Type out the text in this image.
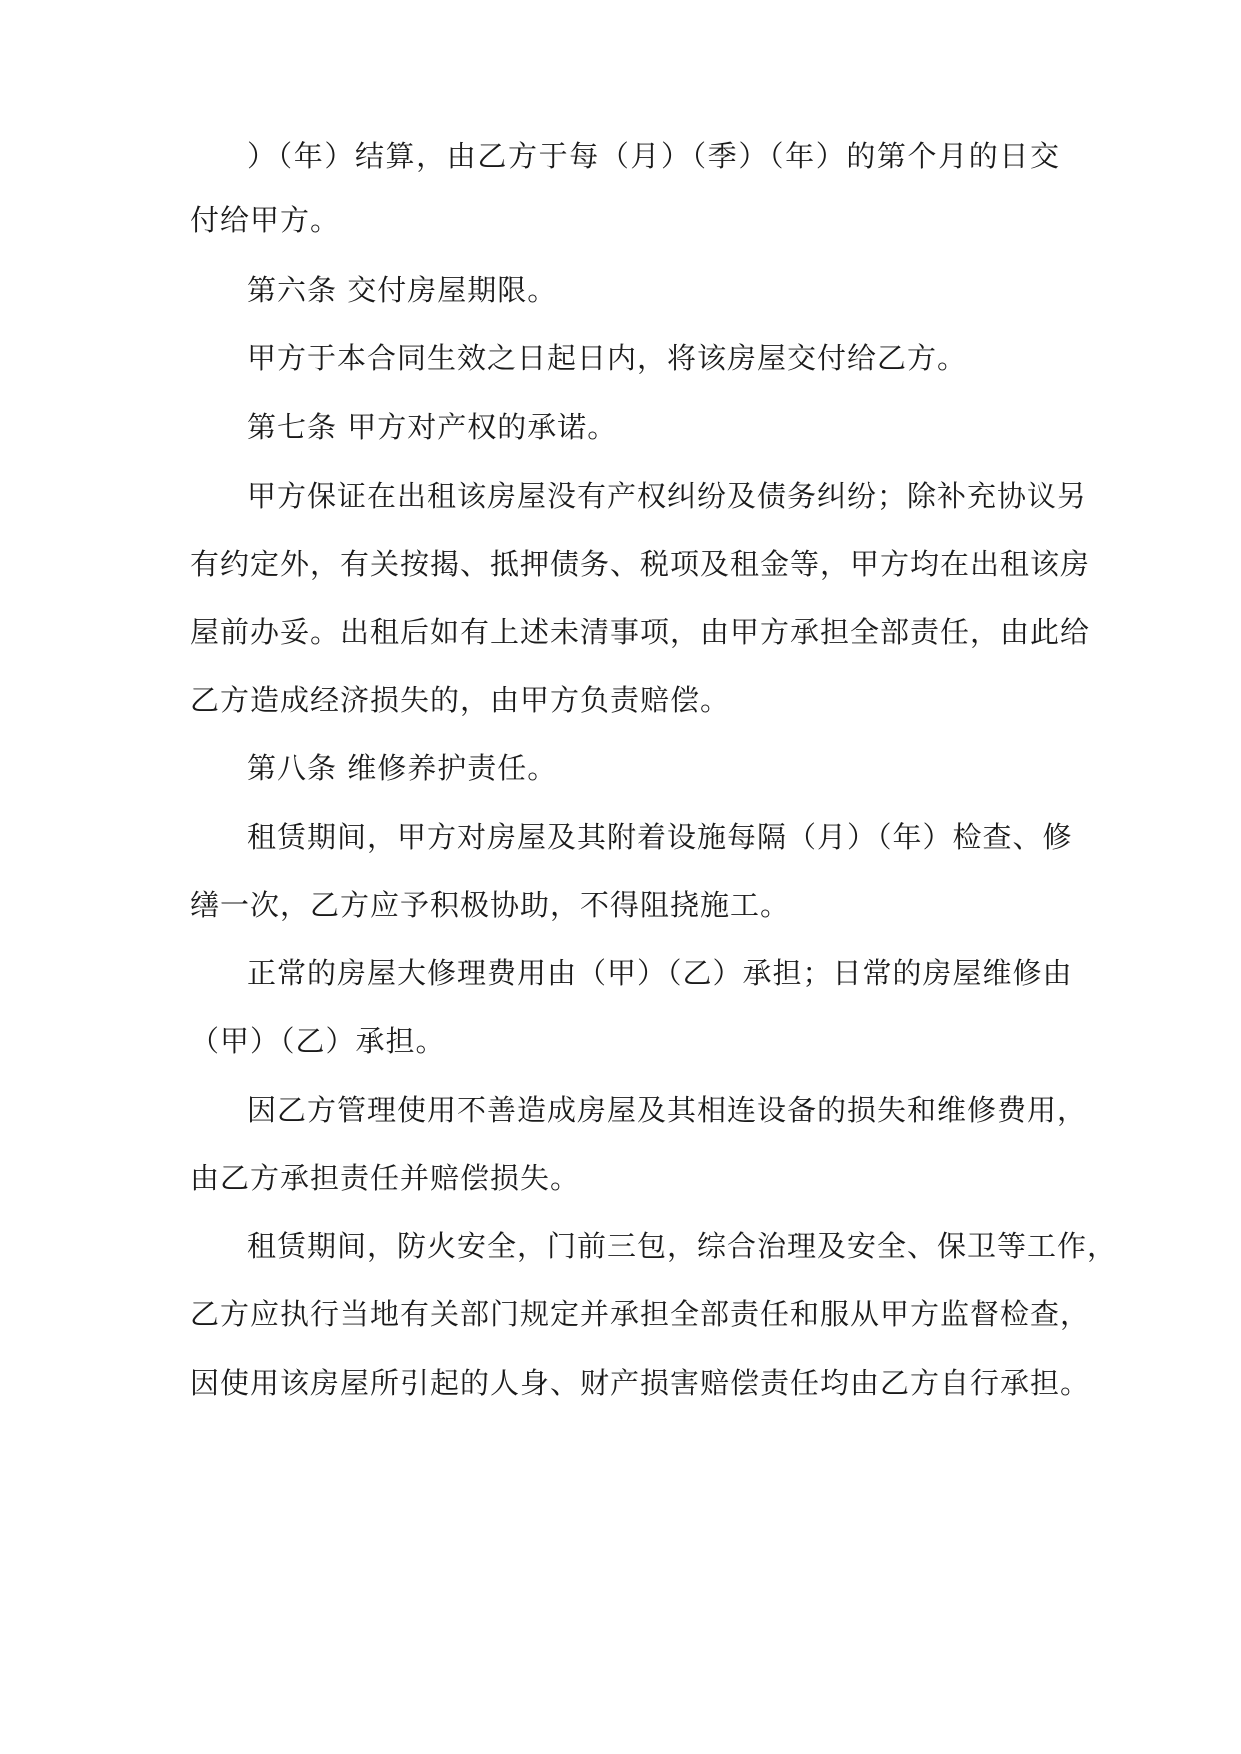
）（年）结算，由乙方于每（月）（季）（年）的第个月的日交
付给甲方。
第六条 交付房屋期限。
甲方于本合同生效之日起日内，将该房屋交付给乙方。
第七条 甲方对产权的承诺。
甲方保证在出租该房屋没有产权纠纷及债务纠纷；除补充协议另
有约定外，有关按揭、抵押债务、税项及租金等，甲方均在出租该房
屋前办妥。出租后如有上述未清事项，由甲方承担全部责任，由此给
乙方造成经济损失的，由甲方负责赔偿。
第八条 维修养护责任。
租赁期间，甲方对房屋及其附着设施每隔（月）（年）检查、修
缮一次，乙方应予积极协助，不得阻挠施工。
正常的房屋大修理费用由（甲）（乙）承担；日常的房屋维修由
（甲）（乙）承担。
因乙方管理使用不善造成房屋及其相连设备的损失和维修费用，
由乙方承担责任并赔偿损失。
租赁期间，防火安全，门前三包，综合治理及安全、保卫等工作，
乙方应执行当地有关部门规定并承担全部责任和服从甲方监督检查，
因使用该房屋所引起的人身、财产损害赔偿责任均由乙方自行承担。
